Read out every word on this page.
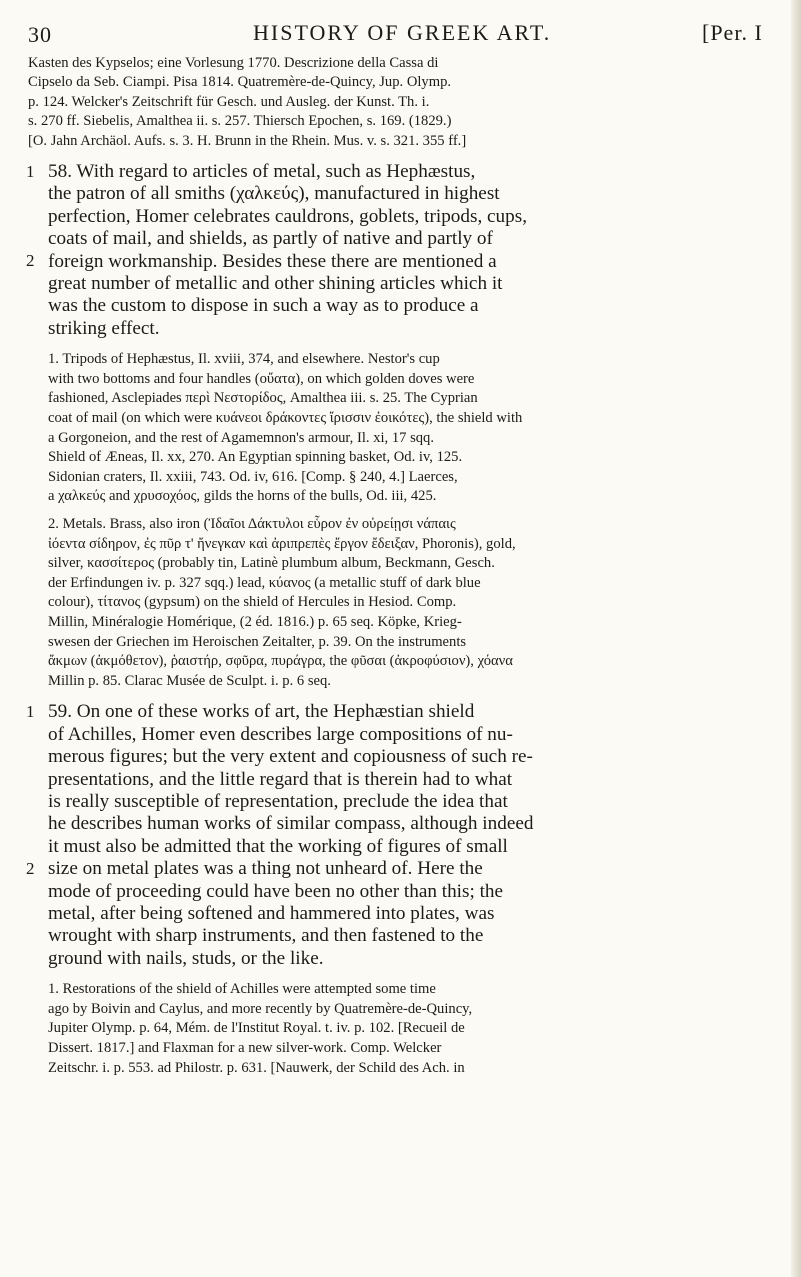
30	HISTORY OF GREEK ART.	[Per. I

Kasten des Kypselos; eine Vorlesung 1770. Descrizione della Cassa di

Cipselo da Seb. Ciampi. Pisa 1814. Quatremère-de-Quincy, Jup. Olymp.

p. 124. Welcker's Zeitschrift für Gesch. und Ausleg. der Kunst. Th. i.

s. 270 ff. Siebelis, Amalthea ii. s. 257. Thiersch Epochen, s. 169. (1829.)

[O. Jahn Archäol. Aufs. s. 3. H. Brunn in the Rhein. Mus. v. s. 321. 355 ff.]

1
2

58. With regard to articles of metal, such as Hephæstus,

the patron of all smiths (χαλκεύς), manufactured in highest

perfection, Homer celebrates cauldrons, goblets, tripods, cups,

coats of mail, and shields, as partly of native and partly of

foreign workmanship. Besides these there are mentioned a

great number of metallic and other shining articles which it

was the custom to dispose in such a way as to produce a

striking effect.

1. Tripods of Hephæstus, Il. xviii, 374, and elsewhere. Nestor's cup

with two bottoms and four handles (οὔατα), on which golden doves were

fashioned, Asclepiades περὶ Νεστορίδος, Amalthea iii. s. 25. The Cyprian

coat of mail (on which were κυάνεοι δράκοντες ἴρισσιν ἐοικότες), the shield with

a Gorgoneion, and the rest of Agamemnon's armour, Il. xi, 17 sqq.

Shield of Æneas, Il. xx, 270. An Egyptian spinning basket, Od. iv, 125.

Sidonian craters, Il. xxiii, 743. Od. iv, 616. [Comp. § 240, 4.] Laerces,

a χαλκεύς and χρυσοχόος, gilds the horns of the bulls, Od. iii, 425.

2. Metals. Brass, also iron (Ἰδαῖοι Δάκτυλοι εὗρον ἐν οὐρείῃσι νάπαις

ἰόεντα σίδηρον, ἐς πῦρ τ' ἤνεγκαν καὶ ἀριπρεπὲς ἔργον ἔδειξαν, Phoronis), gold,

silver, κασσίτερος (probably tin, Latinè plumbum album, Beckmann, Gesch.

der Erfindungen iv. p. 327 sqq.) lead, κύανος (a metallic stuff of dark blue

colour), τίτανος (gypsum) on the shield of Hercules in Hesiod. Comp.

Millin, Minéralogie Homérique, (2 éd. 1816.) p. 65 seq. Köpke, Krieg-

swesen der Griechen im Heroischen Zeitalter, p. 39. On the instruments

ἄκμων (ἀκμόθετον), ῥαιστήρ, σφῦρα, πυράγρα, the φῦσαι (ἀκροφύσιον), χόανα

Millin p. 85. Clarac Musée de Sculpt. i. p. 6 seq.

1
2

59. On one of these works of art, the Hephæstian shield

of Achilles, Homer even describes large compositions of nu-

merous figures; but the very extent and copiousness of such re-

presentations, and the little regard that is therein had to what

is really susceptible of representation, preclude the idea that

he describes human works of similar compass, although indeed

it must also be admitted that the working of figures of small

size on metal plates was a thing not unheard of. Here the

mode of proceeding could have been no other than this; the

metal, after being softened and hammered into plates, was

wrought with sharp instruments, and then fastened to the

ground with nails, studs, or the like.

1. Restorations of the shield of Achilles were attempted some time

ago by Boivin and Caylus, and more recently by Quatremère-de-Quincy,

Jupiter Olymp. p. 64, Mém. de l'Institut Royal. t. iv. p. 102. [Recueil de

Dissert. 1817.] and Flaxman for a new silver-work. Comp. Welcker

Zeitschr. i. p. 553. ad Philostr. p. 631. [Nauwerk, der Schild des Ach. in
